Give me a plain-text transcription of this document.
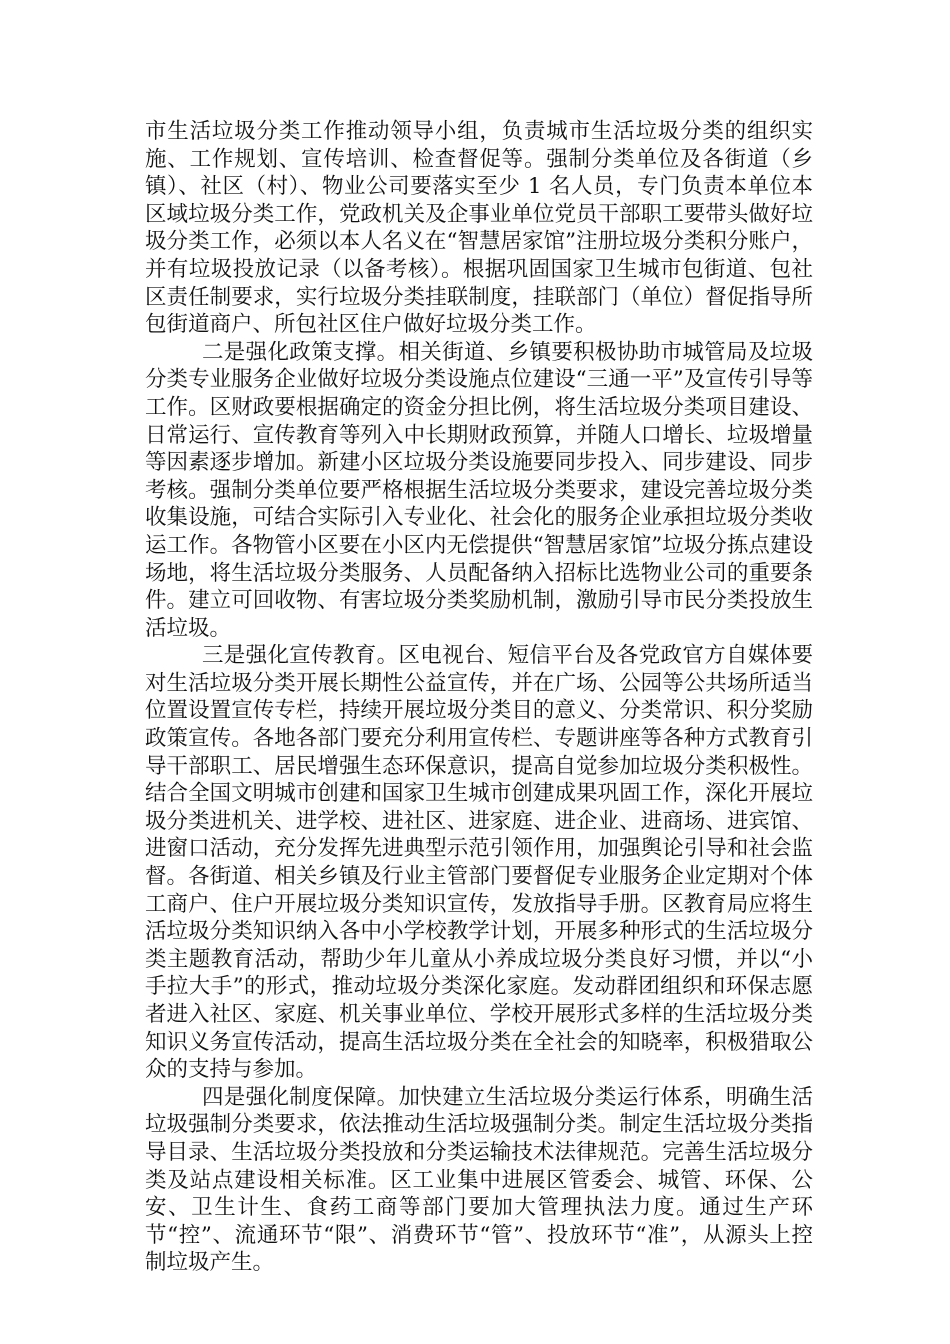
市生活垃圾分类工作推动领导小组，负责城市生活垃圾分类的组织实施、工作规划、宣传培训、检查督促等。强制分类单位及各街道（乡镇）、社区（村）、物业公司要落实至少 1 名人员，专门负责本单位本区域垃圾分类工作，党政机关及企事业单位党员干部职工要带头做好垃圾分类工作，必须以本人名义在“智慧居家馆”注册垃圾分类积分账户，并有垃圾投放记录（以备考核）。根据巩固国家卫生城市包街道、包社区责任制要求，实行垃圾分类挂联制度，挂联部门（单位）督促指导所包街道商户、所包社区住户做好垃圾分类工作。

二是强化政策支撑。相关街道、乡镇要积极协助市城管局及垃圾分类专业服务企业做好垃圾分类设施点位建设“三通一平”及宣传引导等工作。区财政要根据确定的资金分担比例，将生活垃圾分类项目建设、日常运行、宣传教育等列入中长期财政预算，并随人口增长、垃圾增量等因素逐步增加。新建小区垃圾分类设施要同步投入、同步建设、同步考核。强制分类单位要严格根据生活垃圾分类要求，建设完善垃圾分类收集设施，可结合实际引入专业化、社会化的服务企业承担垃圾分类收运工作。各物管小区要在小区内无偿提供“智慧居家馆”垃圾分拣点建设场地，将生活垃圾分类服务、人员配备纳入招标比选物业公司的重要条件。建立可回收物、有害垃圾分类奖励机制，激励引导市民分类投放生活垃圾。

三是强化宣传教育。区电视台、短信平台及各党政官方自媒体要对生活垃圾分类开展长期性公益宣传，并在广场、公园等公共场所适当位置设置宣传专栏，持续开展垃圾分类目的意义、分类常识、积分奖励政策宣传。各地各部门要充分利用宣传栏、专题讲座等各种方式教育引导干部职工、居民增强生态环保意识，提高自觉参加垃圾分类积极性。结合全国文明城市创建和国家卫生城市创建成果巩固工作，深化开展垃圾分类进机关、进学校、进社区、进家庭、进企业、进商场、进宾馆、进窗口活动，充分发挥先进典型示范引领作用，加强舆论引导和社会监督。各街道、相关乡镇及行业主管部门要督促专业服务企业定期对个体工商户、住户开展垃圾分类知识宣传，发放指导手册。区教育局应将生活垃圾分类知识纳入各中小学校教学计划，开展多种形式的生活垃圾分类主题教育活动，帮助少年儿童从小养成垃圾分类良好习惯，并以“小手拉大手”的形式，推动垃圾分类深化家庭。发动群团组织和环保志愿者进入社区、家庭、机关事业单位、学校开展形式多样的生活垃圾分类知识义务宣传活动，提高生活垃圾分类在全社会的知晓率，积极猎取公众的支持与参加。

四是强化制度保障。加快建立生活垃圾分类运行体系，明确生活垃圾强制分类要求，依法推动生活垃圾强制分类。制定生活垃圾分类指导目录、生活垃圾分类投放和分类运输技术法律规范。完善生活垃圾分类及站点建设相关标准。区工业集中进展区管委会、城管、环保、公安、卫生计生、食药工商等部门要加大管理执法力度。通过生产环节“控”、流通环节“限”、消费环节“管”、投放环节“准”，从源头上控制垃圾产生。
